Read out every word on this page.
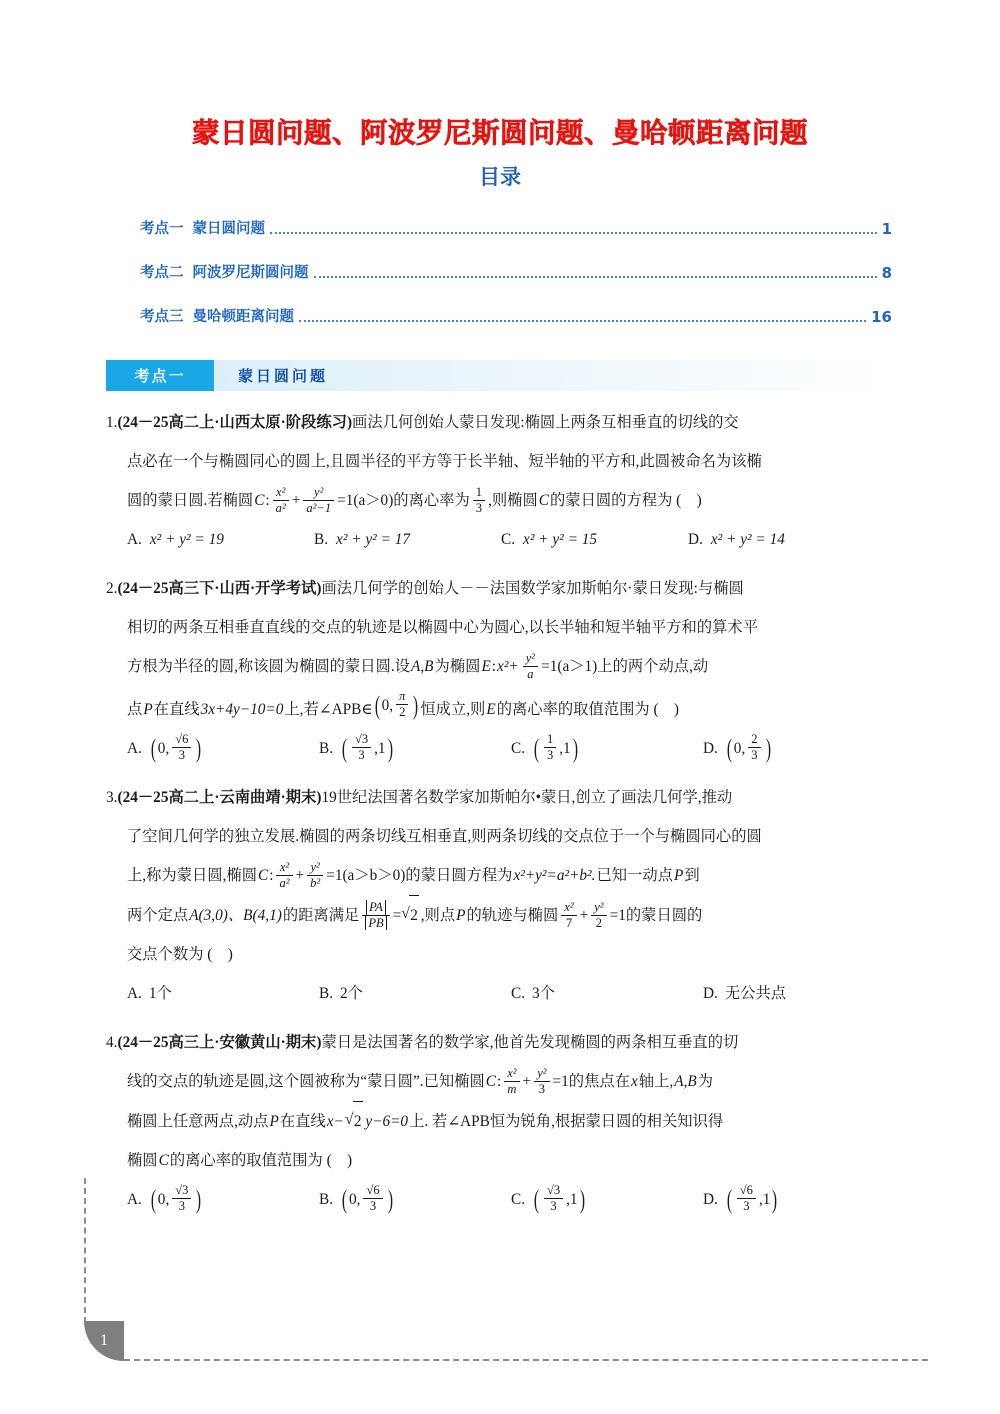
蒙日圆问题、阿波罗尼斯圆问题、曼哈顿距离问题
目录
考点一 蒙日圆问题	1
考点二 阿波罗尼斯圆问题	8
考点三 曼哈顿距离问题	16
考点一	蒙日圆问题
1.(24－25高二上·山西太原·阶段练习)画法几何创始人蒙日发现:椭圆上两条互相垂直的切线的交
点必在一个与椭圆同心的圆上,且圆半径的平方等于长半轴、短半轴的平方和,此圆被命名为该椭
圆的蒙日圆.若椭圆C: $\frac{\text{x²}}{\text{a²}} + \frac{\text{y²}}{\text{a²−1}} =1(a>0)$的离心率为 $\frac{1}{3}$ ,则椭圆C的蒙日圆的方程为 ( )
A. x² + y² = 19	B. x² + y² = 17	C. x² + y² = 15	D. x² + y² = 14
2.(24－25高三下·山西·开学考试)画法几何学的创始人－－法国数学家加斯帕尔·蒙日发现:与椭圆
相切的两条互相垂直直线的交点的轨迹是以椭圆中心为圆心,以长半轴和短半轴平方和的算术平
方根为半径的圆,称该圆为椭圆的蒙日圆.设A,B为椭圆E:x²+ $\frac{\text{y²}}{a} =1(a>1)$上的两个动点,动
点P在直线3x+4y−10=0上,若∠APB∈ ( 0, $\frac{\pi}{2}$ ) 恒成立,则E的离心率的取值范围为 ( )
A. ( 0, $\frac{√6}{3}$ )	B. ( $\frac{√3}{3} ,1$ )	C. ( $\frac{1}{3} ,1$ )	D. ( 0, $\frac{2}{3}$ )
3.(24－25高二上·云南曲靖·期末)19世纪法国著名数学家加斯帕尔•蒙日,创立了画法几何学,推动
了空间几何学的独立发展.椭圆的两条切线互相垂直,则两条切线的交点位于一个与椭圆同心的圆
上,称为蒙日圆,椭圆C: $\frac{\text{x²}}{\text{a²}} + \frac{\text{y²}}{\text{b²}} =1(a>b>0)$的蒙日圆方程为x²+y²=a²+b².已知一动点P到
两个定点A(3,0)、B(4,1)的距离满足 $\frac{PA}{PB}$ = √ 2 ,则点P的轨迹与椭圆 $\frac{\text{x²}}{7} + \frac{\text{y²}}{2} =1$的蒙日圆的
交点个数为 ( )
A. 1个	B. 2个	C. 3个	D. 无公共点
4.(24－25高三上·安徽黄山·期末)蒙日是法国著名的数学家,他首先发现椭圆的两条相互垂直的切
线的交点的轨迹是圆,这个圆被称为“蒙日圆”.已知椭圆C: $\frac{\text{x²}}{m} + \frac{\text{y²}}{3} =1$的焦点在x轴上,A,B为
椭圆上任意两点,动点P在直线x− √ 2 y−6=0上. 若∠APB恒为锐角,根据蒙日圆的相关知识得
椭圆C的离心率的取值范围为 ( )
A. ( 0, $\frac{√3}{3}$ )	B. ( 0, $\frac{√6}{3}$ )	C. ( $\frac{√3}{3} ,1$ )	D. ( $\frac{√6}{3} ,1$ )
1
